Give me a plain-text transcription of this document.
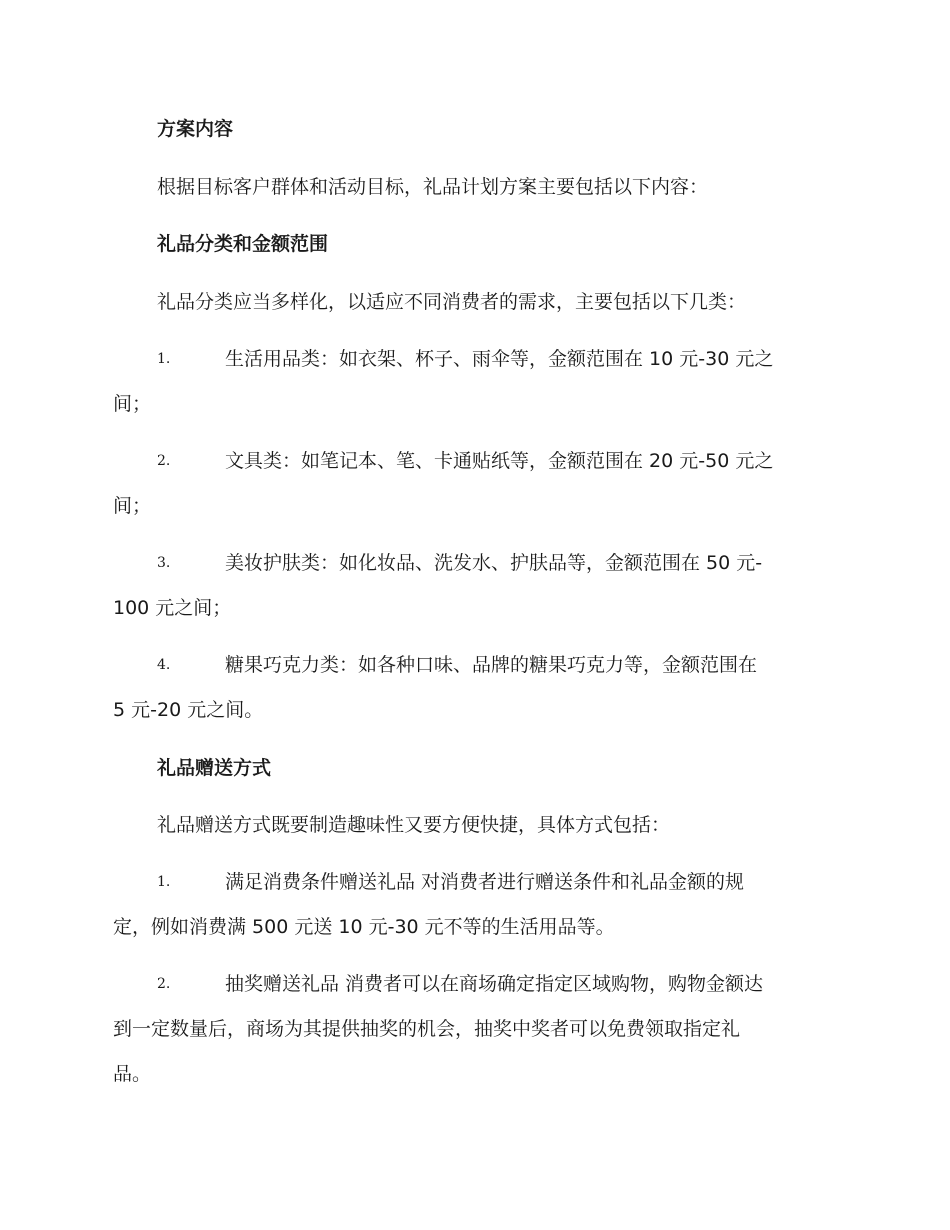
方案内容
根据目标客户群体和活动目标，礼品计划方案主要包括以下内容：
礼品分类和金额范围
礼品分类应当多样化，以适应不同消费者的需求，主要包括以下几类：
1.	生活用品类：如衣架、杯子、雨伞等，金额范围在 10 元-30 元之
间；
2.	文具类：如笔记本、笔、卡通贴纸等，金额范围在 20 元-50 元之
间；
3.	美妆护肤类：如化妆品、洗发水、护肤品等，金额范围在 50 元-
100 元之间；
4.	糖果巧克力类：如各种口味、品牌的糖果巧克力等，金额范围在
5 元-20 元之间。
礼品赠送方式
礼品赠送方式既要制造趣味性又要方便快捷，具体方式包括：
1.	满足消费条件赠送礼品 对消费者进行赠送条件和礼品金额的规
定，例如消费满 500 元送 10 元-30 元不等的生活用品等。
2.	抽奖赠送礼品 消费者可以在商场确定指定区域购物，购物金额达
到一定数量后，商场为其提供抽奖的机会，抽奖中奖者可以免费领取指定礼
品。
